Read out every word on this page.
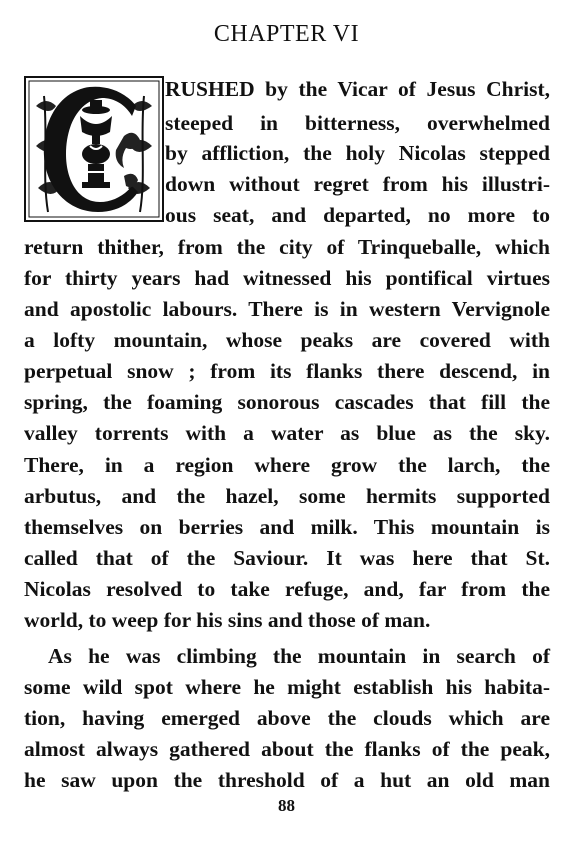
CHAPTER VI
RUSHED by the Vicar of Jesus Christ,
steeped in bitterness, overwhelmed
by affliction, the holy Nicolas stepped
down without regret from his illustri-
ous seat, and departed, no more to
return thither, from the city of Trinqueballe, which
for thirty years had witnessed his pontifical virtues
and apostolic labours. There is in western Vervignole
a lofty mountain, whose peaks are covered with
perpetual snow ; from its flanks there descend, in
spring, the foaming sonorous cascades that fill the
valley torrents with a water as blue as the sky.
There, in a region where grow the larch, the
arbutus, and the hazel, some hermits supported
themselves on berries and milk. This mountain is
called that of the Saviour. It was here that St.
Nicolas resolved to take refuge, and, far from the
world, to weep for his sins and those of man.
As he was climbing the mountain in search of
some wild spot where he might establish his habita-
tion, having emerged above the clouds which are
almost always gathered about the flanks of the peak,
he saw upon the threshold of a hut an old man
88
